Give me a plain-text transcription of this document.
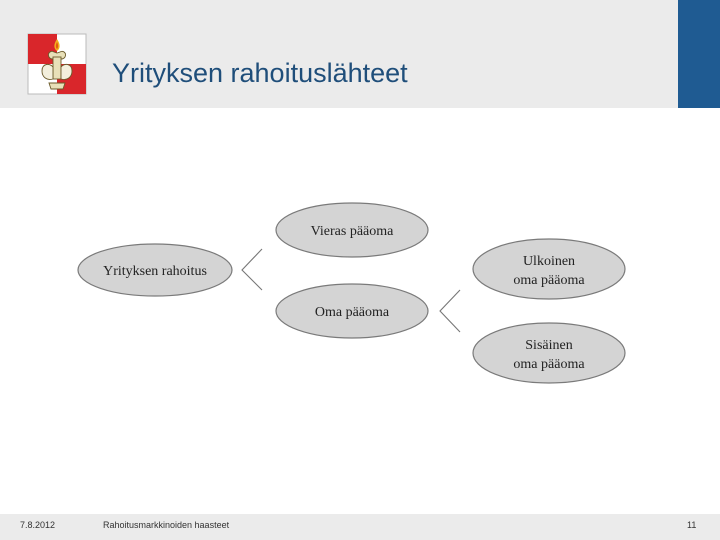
Yrityksen rahoituslähteet
Yrityksen rahoitus
Vieras pääoma
Oma pääoma
Ulkoinen
oma pääoma
Sisäinen
oma pääoma
7.8.2012	Rahoitusmarkkinoiden haasteet	11
